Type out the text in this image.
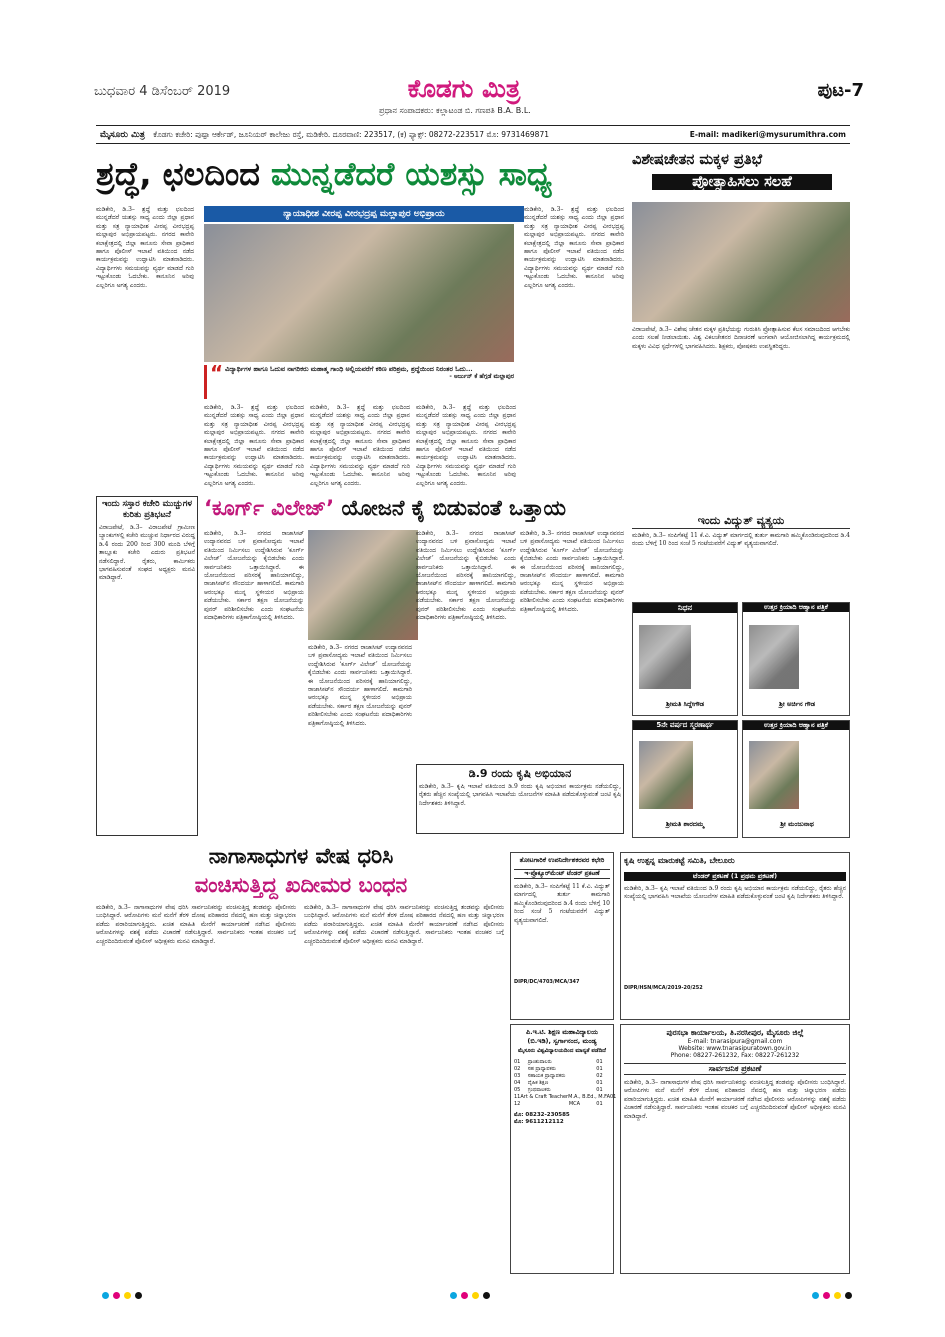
ಬುಧವಾರ 4 ಡಿಸೆಂಬರ್ 2019	ಕೊಡಗು ಮಿತ್ರ
ಪ್ರಧಾನ ಸಂಪಾದಕರು: ಕಲ್ಲಾಟಂಡ ಬಿ. ಗಣಪತಿ B.A. B.L.
ಪುಟ-7
ಮೈಸೂರು ಮಿತ್ರ ಕೊಡಗು ಕಚೇರಿ: ಪುಷ್ಪಾ ಆರ್ಕೇಡ್, ಜೂನಿಯರ್ ಕಾಲೇಜು ರಸ್ತೆ, ಮಡಿಕೇರಿ. ದೂರವಾಣಿ: 223517, (ಕ) ಫ್ಯಾಕ್ಸ್: 08272-223517 ಮೊ: 9731469871	E-mail: madikeri@mysurumithra.com
ಶ್ರದ್ಧೆ, ಛಲದಿಂದ ಮುನ್ನಡೆದರೆ ಯಶಸ್ಸು ಸಾಧ್ಯ
ಮಡಿಕೇರಿ, ಡಿ.3– ಶ್ರದ್ಧೆ ಮತ್ತು ಛಲದಿಂದ ಮುನ್ನಡೆದರೆ ಯಶಸ್ಸು ಸಾಧ್ಯ ಎಂದು ಜಿಲ್ಲಾ ಪ್ರಧಾನ ಮತ್ತು ಸತ್ರ ನ್ಯಾಯಾಧೀಶ ವೀರಪ್ಪ ವೀರಭದ್ರಪ್ಪ ಮಲ್ಲಾಪುರ ಅಭಿಪ್ರಾಯಪಟ್ಟರು. ನಗರದ ಕಾವೇರಿ ಕಲಾಕ್ಷೇತ್ರದಲ್ಲಿ ಜಿಲ್ಲಾ ಕಾನೂನು ಸೇವಾ ಪ್ರಾಧಿಕಾರ ಹಾಗೂ ಪೊಲೀಸ್ ಇಲಾಖೆ ವತಿಯಿಂದ ನಡೆದ ಕಾರ್ಯಕ್ರಮವನ್ನು ಉದ್ಘಾಟಿಸಿ ಮಾತನಾಡಿದರು. ವಿದ್ಯಾರ್ಥಿಗಳು ಸಮಯವನ್ನು ವ್ಯರ್ಥ ಮಾಡದೆ ಗುರಿ ಇಟ್ಟುಕೊಂಡು ಓದಬೇಕು. ಕಾನೂನಿನ ಅರಿವು ಎಲ್ಲರಿಗೂ ಅಗತ್ಯ ಎಂದರು.
ನ್ಯಾಯಾಧೀಶ ವೀರಪ್ಪ ವೀರಭದ್ರಪ್ಪ ಮಲ್ಲಾಪುರ ಅಭಿಪ್ರಾಯ
“ ವಿದ್ಯಾರ್ಥಿಗಳ ಹಾಗೂ ಓದುವ ನಾಗರಿಕರು ಮಹಾತ್ಮ ಗಾಂಧಿ ಅಲ್ಲಿಯವರೆಗೆ ಕಠಿಣ ಪರಿಶ್ರಮ, ಶ್ರದ್ಧೆಯಿಂದ ನಿರಂತರ ಓದು...
- ಅರ್ಜುನ್ ಕೆ ಹೆಗ್ಗಡೆ ಮಲ್ಲಾಪುರ
ಮಡಿಕೇರಿ, ಡಿ.3– ಶ್ರದ್ಧೆ ಮತ್ತು ಛಲದಿಂದ ಮುನ್ನಡೆದರೆ ಯಶಸ್ಸು ಸಾಧ್ಯ ಎಂದು ಜಿಲ್ಲಾ ಪ್ರಧಾನ ಮತ್ತು ಸತ್ರ ನ್ಯಾಯಾಧೀಶ ವೀರಪ್ಪ ವೀರಭದ್ರಪ್ಪ ಮಲ್ಲಾಪುರ ಅಭಿಪ್ರಾಯಪಟ್ಟರು. ನಗರದ ಕಾವೇರಿ ಕಲಾಕ್ಷೇತ್ರದಲ್ಲಿ ಜಿಲ್ಲಾ ಕಾನೂನು ಸೇವಾ ಪ್ರಾಧಿಕಾರ ಹಾಗೂ ಪೊಲೀಸ್ ಇಲಾಖೆ ವತಿಯಿಂದ ನಡೆದ ಕಾರ್ಯಕ್ರಮವನ್ನು ಉದ್ಘಾಟಿಸಿ ಮಾತನಾಡಿದರು. ವಿದ್ಯಾರ್ಥಿಗಳು ಸಮಯವನ್ನು ವ್ಯರ್ಥ ಮಾಡದೆ ಗುರಿ ಇಟ್ಟುಕೊಂಡು ಓದಬೇಕು. ಕಾನೂನಿನ ಅರಿವು ಎಲ್ಲರಿಗೂ ಅಗತ್ಯ ಎಂದರು.
ಮಡಿಕೇರಿ, ಡಿ.3– ಶ್ರದ್ಧೆ ಮತ್ತು ಛಲದಿಂದ ಮುನ್ನಡೆದರೆ ಯಶಸ್ಸು ಸಾಧ್ಯ ಎಂದು ಜಿಲ್ಲಾ ಪ್ರಧಾನ ಮತ್ತು ಸತ್ರ ನ್ಯಾಯಾಧೀಶ ವೀರಪ್ಪ ವೀರಭದ್ರಪ್ಪ ಮಲ್ಲಾಪುರ ಅಭಿಪ್ರಾಯಪಟ್ಟರು. ನಗರದ ಕಾವೇರಿ ಕಲಾಕ್ಷೇತ್ರದಲ್ಲಿ ಜಿಲ್ಲಾ ಕಾನೂನು ಸೇವಾ ಪ್ರಾಧಿಕಾರ ಹಾಗೂ ಪೊಲೀಸ್ ಇಲಾಖೆ ವತಿಯಿಂದ ನಡೆದ ಕಾರ್ಯಕ್ರಮವನ್ನು ಉದ್ಘಾಟಿಸಿ ಮಾತನಾಡಿದರು. ವಿದ್ಯಾರ್ಥಿಗಳು ಸಮಯವನ್ನು ವ್ಯರ್ಥ ಮಾಡದೆ ಗುರಿ ಇಟ್ಟುಕೊಂಡು ಓದಬೇಕು. ಕಾನೂನಿನ ಅರಿವು ಎಲ್ಲರಿಗೂ ಅಗತ್ಯ ಎಂದರು.
ಮಡಿಕೇರಿ, ಡಿ.3– ಶ್ರದ್ಧೆ ಮತ್ತು ಛಲದಿಂದ ಮುನ್ನಡೆದರೆ ಯಶಸ್ಸು ಸಾಧ್ಯ ಎಂದು ಜಿಲ್ಲಾ ಪ್ರಧಾನ ಮತ್ತು ಸತ್ರ ನ್ಯಾಯಾಧೀಶ ವೀರಪ್ಪ ವೀರಭದ್ರಪ್ಪ ಮಲ್ಲಾಪುರ ಅಭಿಪ್ರಾಯಪಟ್ಟರು. ನಗರದ ಕಾವೇರಿ ಕಲಾಕ್ಷೇತ್ರದಲ್ಲಿ ಜಿಲ್ಲಾ ಕಾನೂನು ಸೇವಾ ಪ್ರಾಧಿಕಾರ ಹಾಗೂ ಪೊಲೀಸ್ ಇಲಾಖೆ ವತಿಯಿಂದ ನಡೆದ ಕಾರ್ಯಕ್ರಮವನ್ನು ಉದ್ಘಾಟಿಸಿ ಮಾತನಾಡಿದರು. ವಿದ್ಯಾರ್ಥಿಗಳು ಸಮಯವನ್ನು ವ್ಯರ್ಥ ಮಾಡದೆ ಗುರಿ ಇಟ್ಟುಕೊಂಡು ಓದಬೇಕು. ಕಾನೂನಿನ ಅರಿವು ಎಲ್ಲರಿಗೂ ಅಗತ್ಯ ಎಂದರು.
ಮಡಿಕೇರಿ, ಡಿ.3– ಶ್ರದ್ಧೆ ಮತ್ತು ಛಲದಿಂದ ಮುನ್ನಡೆದರೆ ಯಶಸ್ಸು ಸಾಧ್ಯ ಎಂದು ಜಿಲ್ಲಾ ಪ್ರಧಾನ ಮತ್ತು ಸತ್ರ ನ್ಯಾಯಾಧೀಶ ವೀರಪ್ಪ ವೀರಭದ್ರಪ್ಪ ಮಲ್ಲಾಪುರ ಅಭಿಪ್ರಾಯಪಟ್ಟರು. ನಗರದ ಕಾವೇರಿ ಕಲಾಕ್ಷೇತ್ರದಲ್ಲಿ ಜಿಲ್ಲಾ ಕಾನೂನು ಸೇವಾ ಪ್ರಾಧಿಕಾರ ಹಾಗೂ ಪೊಲೀಸ್ ಇಲಾಖೆ ವತಿಯಿಂದ ನಡೆದ ಕಾರ್ಯಕ್ರಮವನ್ನು ಉದ್ಘಾಟಿಸಿ ಮಾತನಾಡಿದರು. ವಿದ್ಯಾರ್ಥಿಗಳು ಸಮಯವನ್ನು ವ್ಯರ್ಥ ಮಾಡದೆ ಗುರಿ ಇಟ್ಟುಕೊಂಡು ಓದಬೇಕು. ಕಾನೂನಿನ ಅರಿವು ಎಲ್ಲರಿಗೂ ಅಗತ್ಯ ಎಂದರು.
ವಿಶೇಷಚೇತನ ಮಕ್ಕಳ ಪ್ರತಿಭೆ
ಪ್ರೋತ್ಸಾಹಿಸಲು ಸಲಹೆ
ವಿರಾಜಪೇಟೆ, ಡಿ.3– ವಿಶೇಷ ಚೇತನ ಮಕ್ಕಳ ಪ್ರತಿಭೆಯನ್ನು ಗುರುತಿಸಿ ಪ್ರೋತ್ಸಾಹಿಸುವ ಕೆಲಸ ಸಮಾಜದಿಂದ ಆಗಬೇಕು ಎಂದು ಸಲಹೆ ನೀಡಲಾಯಿತು. ವಿಶ್ವ ವಿಕಲಚೇತನರ ದಿನಾಚರಣೆ ಅಂಗವಾಗಿ ಆಯೋಜಿಸಲಾಗಿದ್ದ ಕಾರ್ಯಕ್ರಮದಲ್ಲಿ ಮಕ್ಕಳು ವಿವಿಧ ಸ್ಪರ್ಧೆಗಳಲ್ಲಿ ಭಾಗವಹಿಸಿದರು. ಶಿಕ್ಷಕರು, ಪೋಷಕರು ಉಪಸ್ಥಿತರಿದ್ದರು.
ಇಂದು ಸಸ್ತಾರ ಕಚೇರಿ ಮುಚ್ಚುಗಳ ಕುರಿತು ಪ್ರತಿಭಟನೆ
ವಿರಾಜಪೇಟೆ, ಡಿ.3– ವಿರಾಜಪೇಟೆ ಗ್ರಾಮೀಣ ಬ್ಯಾಂಕುಗಳಲ್ಲಿ ಕಚೇರಿ ಮುಚ್ಚುವ ನಿರ್ಧಾರದ ವಿರುದ್ಧ ಡಿ.4 ರಂದು 200 ರಿಂದ 300 ಮಂದಿ ಬೆಳಿಗ್ಗೆ ತಾಲ್ಲೂಕು ಕಚೇರಿ ಎದುರು ಪ್ರತಿಭಟನೆ ನಡೆಸಲಿದ್ದಾರೆ. ರೈತರು, ಕಾರ್ಮಿಕರು ಭಾಗವಹಿಸುವಂತೆ ಸಂಘದ ಅಧ್ಯಕ್ಷರು ಮನವಿ ಮಾಡಿದ್ದಾರೆ.
‘ಕೂರ್ಗ್ ವಿಲೇಜ್’ ಯೋಜನೆ ಕೈ ಬಿಡುವಂತೆ ಒತ್ತಾಯ
ಮಡಿಕೇರಿ, ಡಿ.3– ನಗರದ ರಾಜಾಸೀಟ್ ಉದ್ಯಾನವನದ ಬಳಿ ಪ್ರವಾಸೋದ್ಯಮ ಇಲಾಖೆ ವತಿಯಿಂದ ನಿರ್ಮಿಸಲು ಉದ್ದೇಶಿಸಿರುವ ‘ಕೂರ್ಗ್ ವಿಲೇಜ್’ ಯೋಜನೆಯನ್ನು ಕೈಬಿಡಬೇಕು ಎಂದು ಸಾರ್ವಜನಿಕರು ಒತ್ತಾಯಿಸಿದ್ದಾರೆ. ಈ ಯೋಜನೆಯಿಂದ ಪರಿಸರಕ್ಕೆ ಹಾನಿಯಾಗಲಿದ್ದು, ರಾಜಾಸೀಟ್‌ನ ಸೌಂದರ್ಯ ಹಾಳಾಗಲಿದೆ. ಕಾಮಗಾರಿ ಆರಂಭಕ್ಕೂ ಮುನ್ನ ಸ್ಥಳೀಯರ ಅಭಿಪ್ರಾಯ ಪಡೆಯಬೇಕು. ಸರ್ಕಾರ ತಕ್ಷಣ ಯೋಜನೆಯನ್ನು ಪುನರ್ ಪರಿಶೀಲಿಸಬೇಕು ಎಂದು ಸಂಘಟನೆಯ ಪದಾಧಿಕಾರಿಗಳು ಪತ್ರಿಕಾಗೋಷ್ಠಿಯಲ್ಲಿ ತಿಳಿಸಿದರು.
ಮಡಿಕೇರಿ, ಡಿ.3– ನಗರದ ರಾಜಾಸೀಟ್ ಉದ್ಯಾನವನದ ಬಳಿ ಪ್ರವಾಸೋದ್ಯಮ ಇಲಾಖೆ ವತಿಯಿಂದ ನಿರ್ಮಿಸಲು ಉದ್ದೇಶಿಸಿರುವ ‘ಕೂರ್ಗ್ ವಿಲೇಜ್’ ಯೋಜನೆಯನ್ನು ಕೈಬಿಡಬೇಕು ಎಂದು ಸಾರ್ವಜನಿಕರು ಒತ್ತಾಯಿಸಿದ್ದಾರೆ. ಈ ಯೋಜನೆಯಿಂದ ಪರಿಸರಕ್ಕೆ ಹಾನಿಯಾಗಲಿದ್ದು, ರಾಜಾಸೀಟ್‌ನ ಸೌಂದರ್ಯ ಹಾಳಾಗಲಿದೆ. ಕಾಮಗಾರಿ ಆರಂಭಕ್ಕೂ ಮುನ್ನ ಸ್ಥಳೀಯರ ಅಭಿಪ್ರಾಯ ಪಡೆಯಬೇಕು. ಸರ್ಕಾರ ತಕ್ಷಣ ಯೋಜನೆಯನ್ನು ಪುನರ್ ಪರಿಶೀಲಿಸಬೇಕು ಎಂದು ಸಂಘಟನೆಯ ಪದಾಧಿಕಾರಿಗಳು ಪತ್ರಿಕಾಗೋಷ್ಠಿಯಲ್ಲಿ ತಿಳಿಸಿದರು.
ಮಡಿಕೇರಿ, ಡಿ.3– ನಗರದ ರಾಜಾಸೀಟ್ ಉದ್ಯಾನವನದ ಬಳಿ ಪ್ರವಾಸೋದ್ಯಮ ಇಲಾಖೆ ವತಿಯಿಂದ ನಿರ್ಮಿಸಲು ಉದ್ದೇಶಿಸಿರುವ ‘ಕೂರ್ಗ್ ವಿಲೇಜ್’ ಯೋಜನೆಯನ್ನು ಕೈಬಿಡಬೇಕು ಎಂದು ಸಾರ್ವಜನಿಕರು ಒತ್ತಾಯಿಸಿದ್ದಾರೆ. ಈ ಯೋಜನೆಯಿಂದ ಪರಿಸರಕ್ಕೆ ಹಾನಿಯಾಗಲಿದ್ದು, ರಾಜಾಸೀಟ್‌ನ ಸೌಂದರ್ಯ ಹಾಳಾಗಲಿದೆ. ಕಾಮಗಾರಿ ಆರಂಭಕ್ಕೂ ಮುನ್ನ ಸ್ಥಳೀಯರ ಅಭಿಪ್ರಾಯ ಪಡೆಯಬೇಕು. ಸರ್ಕಾರ ತಕ್ಷಣ ಯೋಜನೆಯನ್ನು ಪುನರ್ ಪರಿಶೀಲಿಸಬೇಕು ಎಂದು ಸಂಘಟನೆಯ ಪದಾಧಿಕಾರಿಗಳು ಪತ್ರಿಕಾಗೋಷ್ಠಿಯಲ್ಲಿ ತಿಳಿಸಿದರು.
ಮಡಿಕೇರಿ, ಡಿ.3– ನಗರದ ರಾಜಾಸೀಟ್ ಉದ್ಯಾನವನದ ಬಳಿ ಪ್ರವಾಸೋದ್ಯಮ ಇಲಾಖೆ ವತಿಯಿಂದ ನಿರ್ಮಿಸಲು ಉದ್ದೇಶಿಸಿರುವ ‘ಕೂರ್ಗ್ ವಿಲೇಜ್’ ಯೋಜನೆಯನ್ನು ಕೈಬಿಡಬೇಕು ಎಂದು ಸಾರ್ವಜನಿಕರು ಒತ್ತಾಯಿಸಿದ್ದಾರೆ. ಈ ಯೋಜನೆಯಿಂದ ಪರಿಸರಕ್ಕೆ ಹಾನಿಯಾಗಲಿದ್ದು, ರಾಜಾಸೀಟ್‌ನ ಸೌಂದರ್ಯ ಹಾಳಾಗಲಿದೆ. ಕಾಮಗಾರಿ ಆರಂಭಕ್ಕೂ ಮುನ್ನ ಸ್ಥಳೀಯರ ಅಭಿಪ್ರಾಯ ಪಡೆಯಬೇಕು. ಸರ್ಕಾರ ತಕ್ಷಣ ಯೋಜನೆಯನ್ನು ಪುನರ್ ಪರಿಶೀಲಿಸಬೇಕು ಎಂದು ಸಂಘಟನೆಯ ಪದಾಧಿಕಾರಿಗಳು ಪತ್ರಿಕಾಗೋಷ್ಠಿಯಲ್ಲಿ ತಿಳಿಸಿದರು.
ಡಿ.9 ರಂದು ಕೃಷಿ ಅಭಿಯಾನ
ಮಡಿಕೇರಿ, ಡಿ.3– ಕೃಷಿ ಇಲಾಖೆ ವತಿಯಿಂದ ಡಿ.9 ರಂದು ಕೃಷಿ ಅಭಿಯಾನ ಕಾರ್ಯಕ್ರಮ ನಡೆಯಲಿದ್ದು, ರೈತರು ಹೆಚ್ಚಿನ ಸಂಖ್ಯೆಯಲ್ಲಿ ಭಾಗವಹಿಸಿ ಇಲಾಖೆಯ ಯೋಜನೆಗಳ ಮಾಹಿತಿ ಪಡೆದುಕೊಳ್ಳುವಂತೆ ಜಂಟಿ ಕೃಷಿ ನಿರ್ದೇಶಕರು ತಿಳಿಸಿದ್ದಾರೆ.
ಇಂದು ವಿದ್ಯುತ್ ವ್ಯತ್ಯಯ
ಮಡಿಕೇರಿ, ಡಿ.3– ಸಂಪಿಗೆಕಟ್ಟೆ 11 ಕೆ.ವಿ. ವಿದ್ಯುತ್ ಮಾರ್ಗದಲ್ಲಿ ತುರ್ತು ಕಾಮಗಾರಿ ಹಮ್ಮಿಕೊಂಡಿರುವುದರಿಂದ ಡಿ.4 ರಂದು ಬೆಳಿಗ್ಗೆ 10 ರಿಂದ ಸಂಜೆ 5 ಗಂಟೆಯವರೆಗೆ ವಿದ್ಯುತ್ ವ್ಯತ್ಯಯವಾಗಲಿದೆ.
ನಿಧನ
ಶ್ರೀಮತಿ ಸಿದ್ದೇಗೌಡ
ಉತ್ತರ ಕ್ರಿಯಾದಿ ಆಹ್ವಾನ ಪತ್ರಿಕೆ
ಶ್ರೀ ಅರ್ಚಿನ ಗೌಡ
5ನೇ ವರ್ಷದ ಸ್ಮರಣಾರ್ಥ
ಶ್ರೀಮತಿ ಶಾರದಮ್ಮ
ಉತ್ತರ ಕ್ರಿಯಾದಿ ಆಹ್ವಾನ ಪತ್ರಿಕೆ
ಶ್ರೀ ಮಂಜುನಾಥ
ನಾಗಾಸಾಧುಗಳ ವೇಷ ಧರಿಸಿ
ವಂಚಿಸುತ್ತಿದ್ದ ಖದೀಮರ ಬಂಧನ
ಮಡಿಕೇರಿ, ಡಿ.3– ನಾಗಾಸಾಧುಗಳ ವೇಷ ಧರಿಸಿ ಸಾರ್ವಜನಿಕರನ್ನು ವಂಚಿಸುತ್ತಿದ್ದ ತಂಡವನ್ನು ಪೊಲೀಸರು ಬಂಧಿಸಿದ್ದಾರೆ. ಆರೋಪಿಗಳು ಮನೆ ಮನೆಗೆ ತೆರಳಿ ದೋಷ ಪರಿಹಾರದ ನೆಪದಲ್ಲಿ ಹಣ ಮತ್ತು ಚಿನ್ನಾಭರಣ ಪಡೆದು ಪರಾರಿಯಾಗುತ್ತಿದ್ದರು. ಖಚಿತ ಮಾಹಿತಿ ಮೇರೆಗೆ ಕಾರ್ಯಾಚರಣೆ ನಡೆಸಿದ ಪೊಲೀಸರು ಆರೋಪಿಗಳನ್ನು ವಶಕ್ಕೆ ಪಡೆದು ವಿಚಾರಣೆ ನಡೆಸುತ್ತಿದ್ದಾರೆ. ಸಾರ್ವಜನಿಕರು ಇಂತಹ ವಂಚಕರ ಬಗ್ಗೆ ಎಚ್ಚರದಿಂದಿರುವಂತೆ ಪೊಲೀಸ್ ಅಧೀಕ್ಷಕರು ಮನವಿ ಮಾಡಿದ್ದಾರೆ.
ಮಡಿಕೇರಿ, ಡಿ.3– ನಾಗಾಸಾಧುಗಳ ವೇಷ ಧರಿಸಿ ಸಾರ್ವಜನಿಕರನ್ನು ವಂಚಿಸುತ್ತಿದ್ದ ತಂಡವನ್ನು ಪೊಲೀಸರು ಬಂಧಿಸಿದ್ದಾರೆ. ಆರೋಪಿಗಳು ಮನೆ ಮನೆಗೆ ತೆರಳಿ ದೋಷ ಪರಿಹಾರದ ನೆಪದಲ್ಲಿ ಹಣ ಮತ್ತು ಚಿನ್ನಾಭರಣ ಪಡೆದು ಪರಾರಿಯಾಗುತ್ತಿದ್ದರು. ಖಚಿತ ಮಾಹಿತಿ ಮೇರೆಗೆ ಕಾರ್ಯಾಚರಣೆ ನಡೆಸಿದ ಪೊಲೀಸರು ಆರೋಪಿಗಳನ್ನು ವಶಕ್ಕೆ ಪಡೆದು ವಿಚಾರಣೆ ನಡೆಸುತ್ತಿದ್ದಾರೆ. ಸಾರ್ವಜನಿಕರು ಇಂತಹ ವಂಚಕರ ಬಗ್ಗೆ ಎಚ್ಚರದಿಂದಿರುವಂತೆ ಪೊಲೀಸ್ ಅಧೀಕ್ಷಕರು ಮನವಿ ಮಾಡಿದ್ದಾರೆ.
ತೋಟಗಾರಿಕೆ ಉಪನಿರ್ದೇಶಕರವರ ಕಛೇರಿ
ಇ-ಪ್ರೊಕ್ಯೂರ್‌ಮೆಂಟ್ ಟೆಂಡರ್ ಪ್ರಕಟಣೆ
ಮಡಿಕೇರಿ, ಡಿ.3– ಸಂಪಿಗೆಕಟ್ಟೆ 11 ಕೆ.ವಿ. ವಿದ್ಯುತ್ ಮಾರ್ಗದಲ್ಲಿ ತುರ್ತು ಕಾಮಗಾರಿ ಹಮ್ಮಿಕೊಂಡಿರುವುದರಿಂದ ಡಿ.4 ರಂದು ಬೆಳಿಗ್ಗೆ 10 ರಿಂದ ಸಂಜೆ 5 ಗಂಟೆಯವರೆಗೆ ವಿದ್ಯುತ್ ವ್ಯತ್ಯಯವಾಗಲಿದೆ.
DIPR/DC/4703/MCA/347
ಕೃಷಿ ಉತ್ಪನ್ನ ಮಾರುಕಟ್ಟೆ ಸಮಿತಿ, ಬೇಲೂರು
ಟೆಂಡರ್ ಪ್ರಕಟಣೆ (1 ಪ್ರಥಮ ಪ್ರಕಟಣೆ)
ಮಡಿಕೇರಿ, ಡಿ.3– ಕೃಷಿ ಇಲಾಖೆ ವತಿಯಿಂದ ಡಿ.9 ರಂದು ಕೃಷಿ ಅಭಿಯಾನ ಕಾರ್ಯಕ್ರಮ ನಡೆಯಲಿದ್ದು, ರೈತರು ಹೆಚ್ಚಿನ ಸಂಖ್ಯೆಯಲ್ಲಿ ಭಾಗವಹಿಸಿ ಇಲಾಖೆಯ ಯೋಜನೆಗಳ ಮಾಹಿತಿ ಪಡೆದುಕೊಳ್ಳುವಂತೆ ಜಂಟಿ ಕೃಷಿ ನಿರ್ದೇಶಕರು ತಿಳಿಸಿದ್ದಾರೆ.
DIPR/HSN/MCA/2019-20/252
ಪಿ.ಇ.ಟಿ. ಶಿಕ್ಷಣ ಮಹಾವಿದ್ಯಾಲಯ (ಬಿ.ಇಡಿ), ಸ್ವರ್ಗಾನಂದ, ಮಂಡ್ಯ
ಮೈಸೂರು ವಿಶ್ವವಿದ್ಯಾಲಯದಿಂದ ಮಾನ್ಯತೆ ಪಡೆದಿದೆ
01	ಪ್ರಾಂಶುಪಾಲರು	01
02	ಸಹ ಪ್ರಾಧ್ಯಾಪಕರು	01
03	ಸಹಾಯಕ ಪ್ರಾಧ್ಯಾಪಕರು	02
04	ದೈಹಿಕ ಶಿಕ್ಷಣ	01
05	ಗ್ರಂಥಪಾಲಕರು	01
11 Art & Craft Teacher M.A., B.Ed., M.FA 01
12	MCA	01
ಮೊ: 08232-230585
ಮೊ: 9611212112
ಪುರಸಭಾ ಕಾರ್ಯಾಲಯ, ತಿ.ನರಸೀಪುರ, ಮೈಸೂರು ಜಿಲ್ಲೆ
E-mail: tnarasipura@gmail.com
Website: www.tnarasipuratown.gov.in
Phone: 08227-261232, Fax: 08227-261232
ಸಾರ್ವಜನಿಕ ಪ್ರಕಟಣೆ
ಮಡಿಕೇರಿ, ಡಿ.3– ನಾಗಾಸಾಧುಗಳ ವೇಷ ಧರಿಸಿ ಸಾರ್ವಜನಿಕರನ್ನು ವಂಚಿಸುತ್ತಿದ್ದ ತಂಡವನ್ನು ಪೊಲೀಸರು ಬಂಧಿಸಿದ್ದಾರೆ. ಆರೋಪಿಗಳು ಮನೆ ಮನೆಗೆ ತೆರಳಿ ದೋಷ ಪರಿಹಾರದ ನೆಪದಲ್ಲಿ ಹಣ ಮತ್ತು ಚಿನ್ನಾಭರಣ ಪಡೆದು ಪರಾರಿಯಾಗುತ್ತಿದ್ದರು. ಖಚಿತ ಮಾಹಿತಿ ಮೇರೆಗೆ ಕಾರ್ಯಾಚರಣೆ ನಡೆಸಿದ ಪೊಲೀಸರು ಆರೋಪಿಗಳನ್ನು ವಶಕ್ಕೆ ಪಡೆದು ವಿಚಾರಣೆ ನಡೆಸುತ್ತಿದ್ದಾರೆ. ಸಾರ್ವಜನಿಕರು ಇಂತಹ ವಂಚಕರ ಬಗ್ಗೆ ಎಚ್ಚರದಿಂದಿರುವಂತೆ ಪೊಲೀಸ್ ಅಧೀಕ್ಷಕರು ಮನವಿ ಮಾಡಿದ್ದಾರೆ.
